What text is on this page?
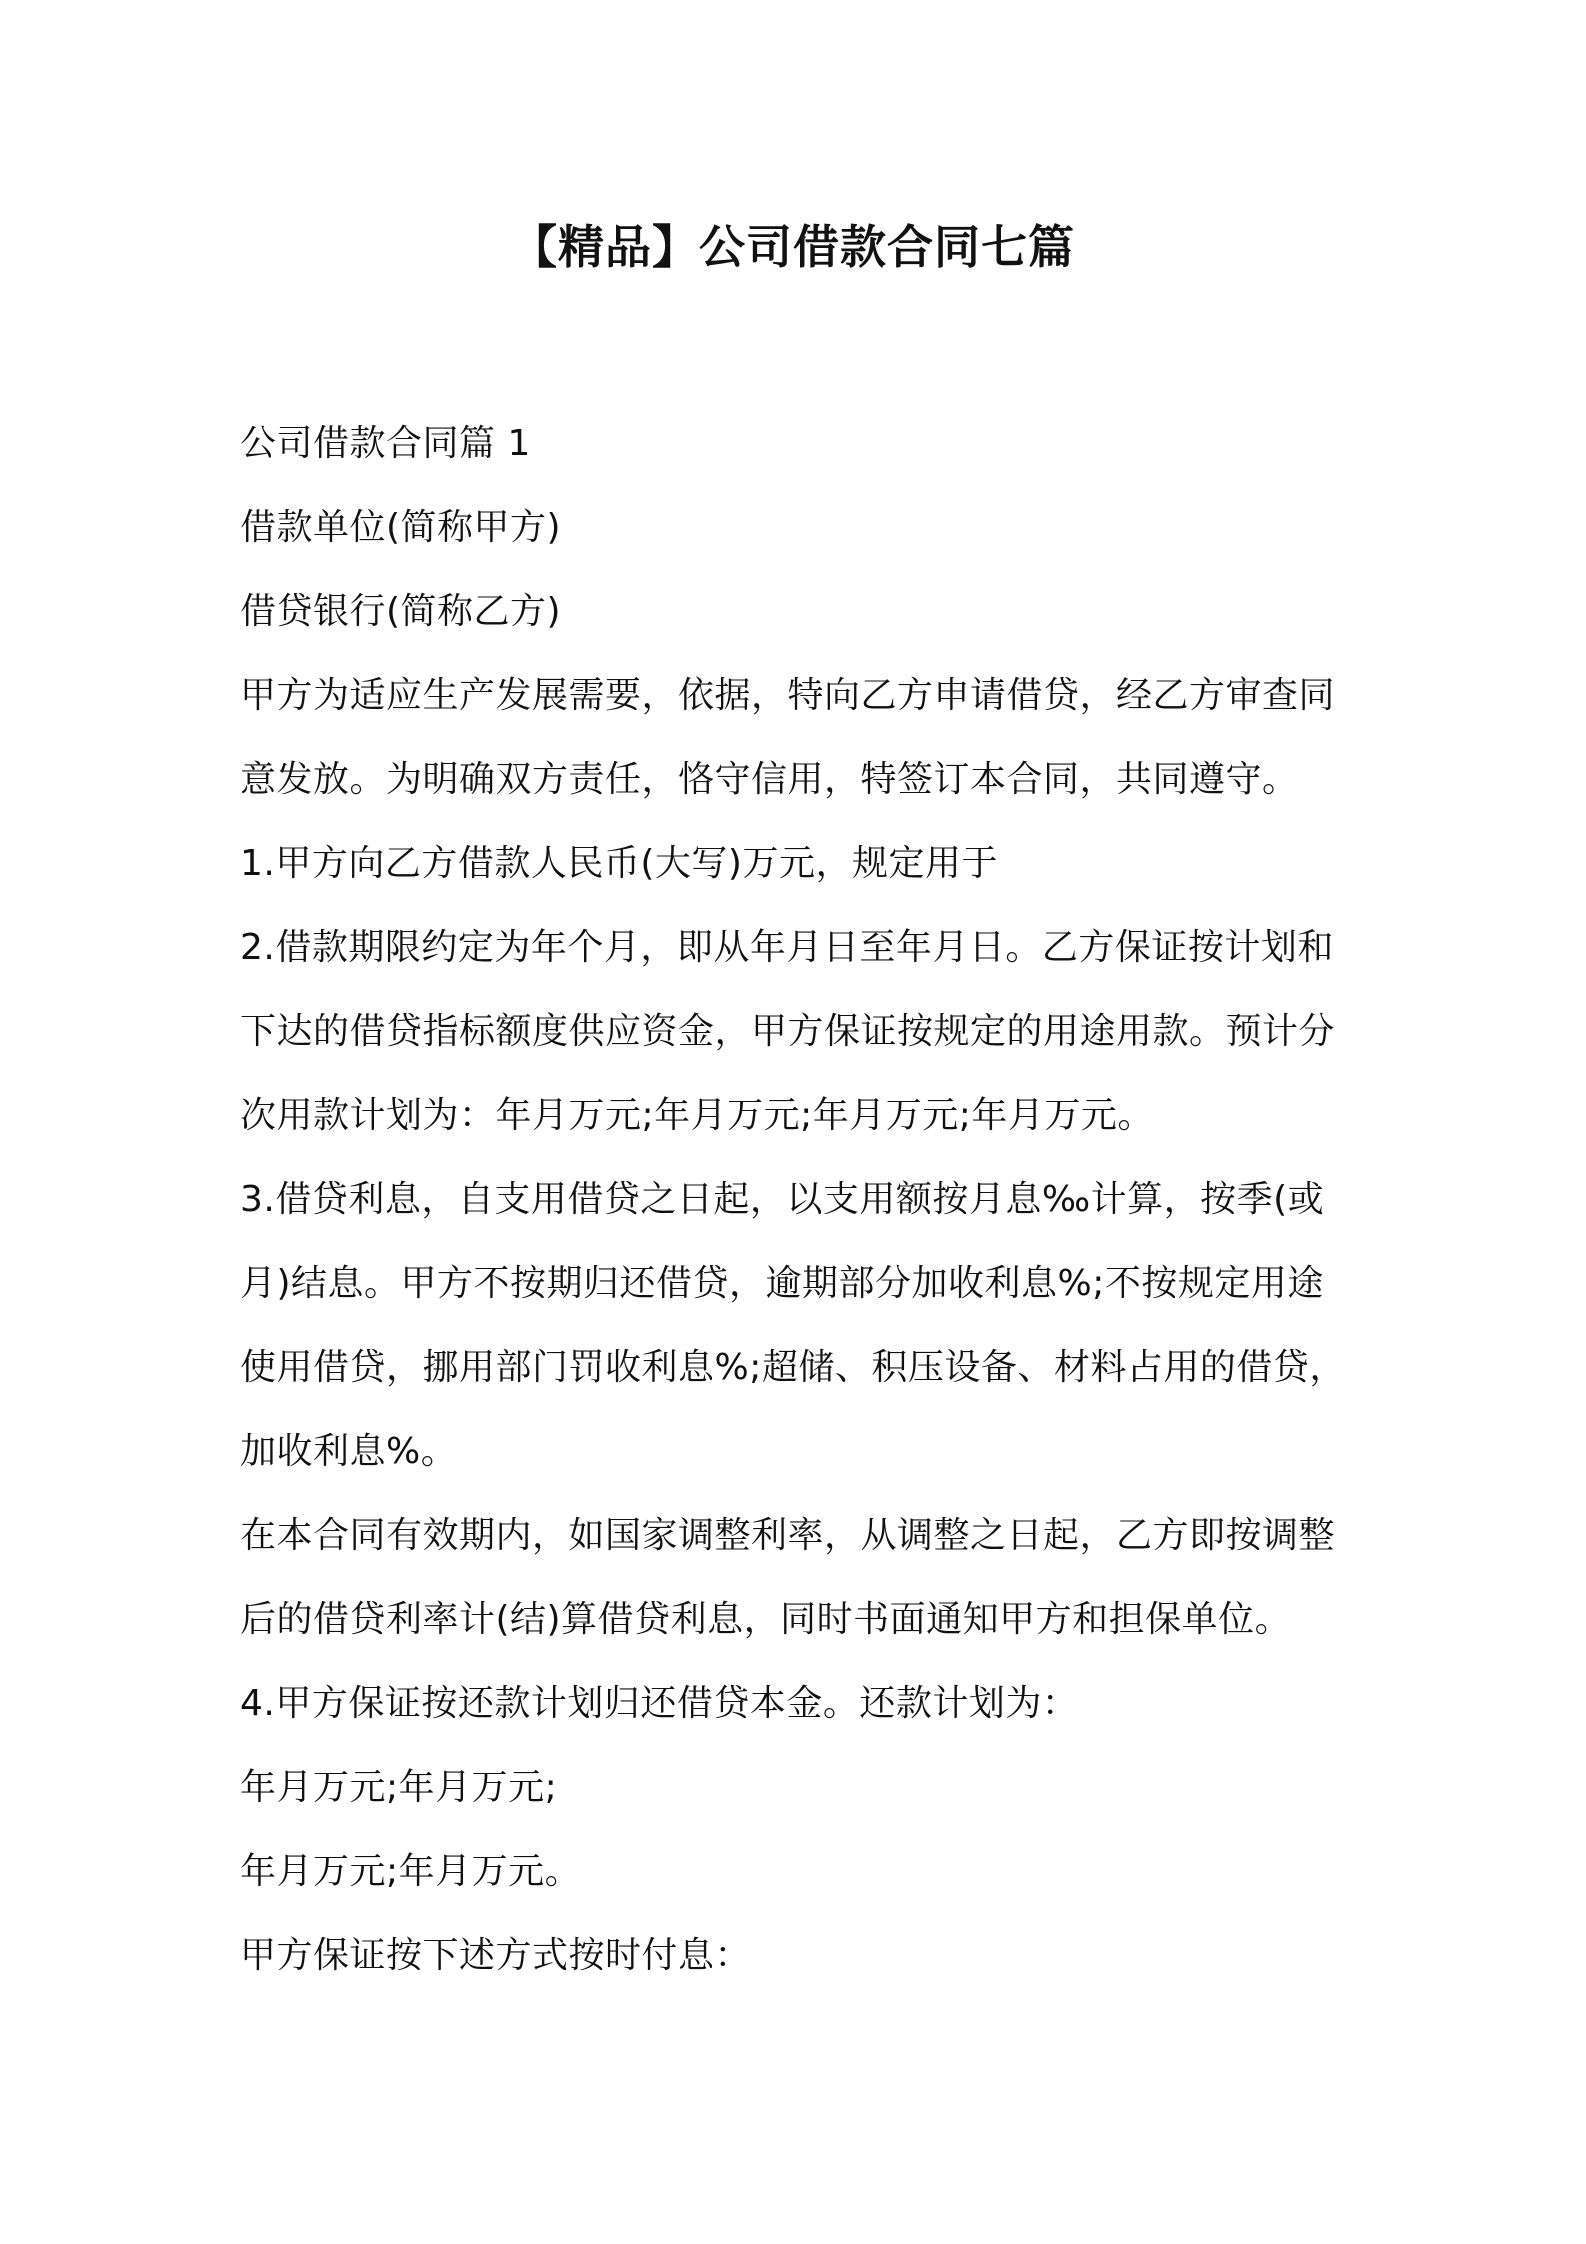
【精品】公司借款合同七篇
公司借款合同篇 1
借款单位(简称甲方)
借贷银行(简称乙方)
甲方为适应生产发展需要，依据，特向乙方申请借贷，经乙方审查同
意发放。为明确双方责任，恪守信用，特签订本合同，共同遵守。
1.甲方向乙方借款人民币(大写)万元，规定用于
2.借款期限约定为年个月，即从年月日至年月日。乙方保证按计划和
下达的借贷指标额度供应资金，甲方保证按规定的用途用款。预计分
次用款计划为：年月万元;年月万元;年月万元;年月万元。
3.借贷利息，自支用借贷之日起，以支用额按月息‰计算，按季(或
月)结息。甲方不按期归还借贷，逾期部分加收利息%;不按规定用途
使用借贷，挪用部门罚收利息%;超储、积压设备、材料占用的借贷，
加收利息%。
在本合同有效期内，如国家调整利率，从调整之日起，乙方即按调整
后的借贷利率计(结)算借贷利息，同时书面通知甲方和担保单位。
4.甲方保证按还款计划归还借贷本金。还款计划为：
年月万元;年月万元;
年月万元;年月万元。
甲方保证按下述方式按时付息：
